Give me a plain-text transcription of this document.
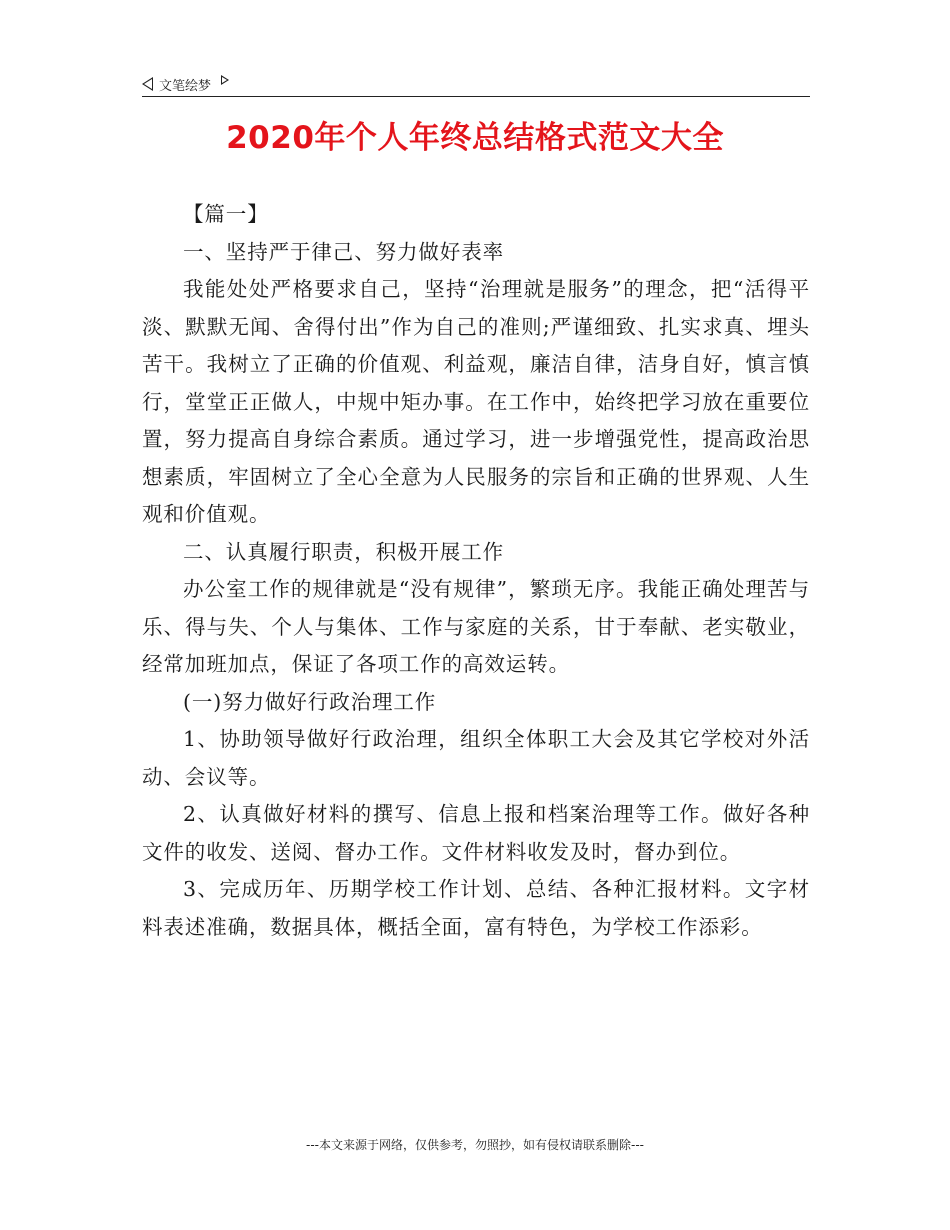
文笔绘梦
2020年个人年终总结格式范文大全

【篇一】

一、坚持严于律己、努力做好表率

我能处处严格要求自己，坚持“治理就是服务”的理念，把“活得平淡、默默无闻、舍得付出”作为自己的准则;严谨细致、扎实求真、埋头苦干。我树立了正确的价值观、利益观，廉洁自律，洁身自好，慎言慎行，堂堂正正做人，中规中矩办事。在工作中，始终把学习放在重要位置，努力提高自身综合素质。通过学习，进一步增强党性，提高政治思想素质，牢固树立了全心全意为人民服务的宗旨和正确的世界观、人生观和价值观。

二、认真履行职责，积极开展工作

办公室工作的规律就是“没有规律”，繁琐无序。我能正确处理苦与乐、得与失、个人与集体、工作与家庭的关系，甘于奉献、老实敬业，经常加班加点，保证了各项工作的高效运转。

(一)努力做好行政治理工作

1、协助领导做好行政治理，组织全体职工大会及其它学校对外活动、会议等。

2、认真做好材料的撰写、信息上报和档案治理等工作。做好各种文件的收发、送阅、督办工作。文件材料收发及时，督办到位。

3、完成历年、历期学校工作计划、总结、各种汇报材料。文字材料表述准确，数据具体，概括全面，富有特色，为学校工作添彩。

---本文来源于网络，仅供参考，勿照抄，如有侵权请联系删除---
